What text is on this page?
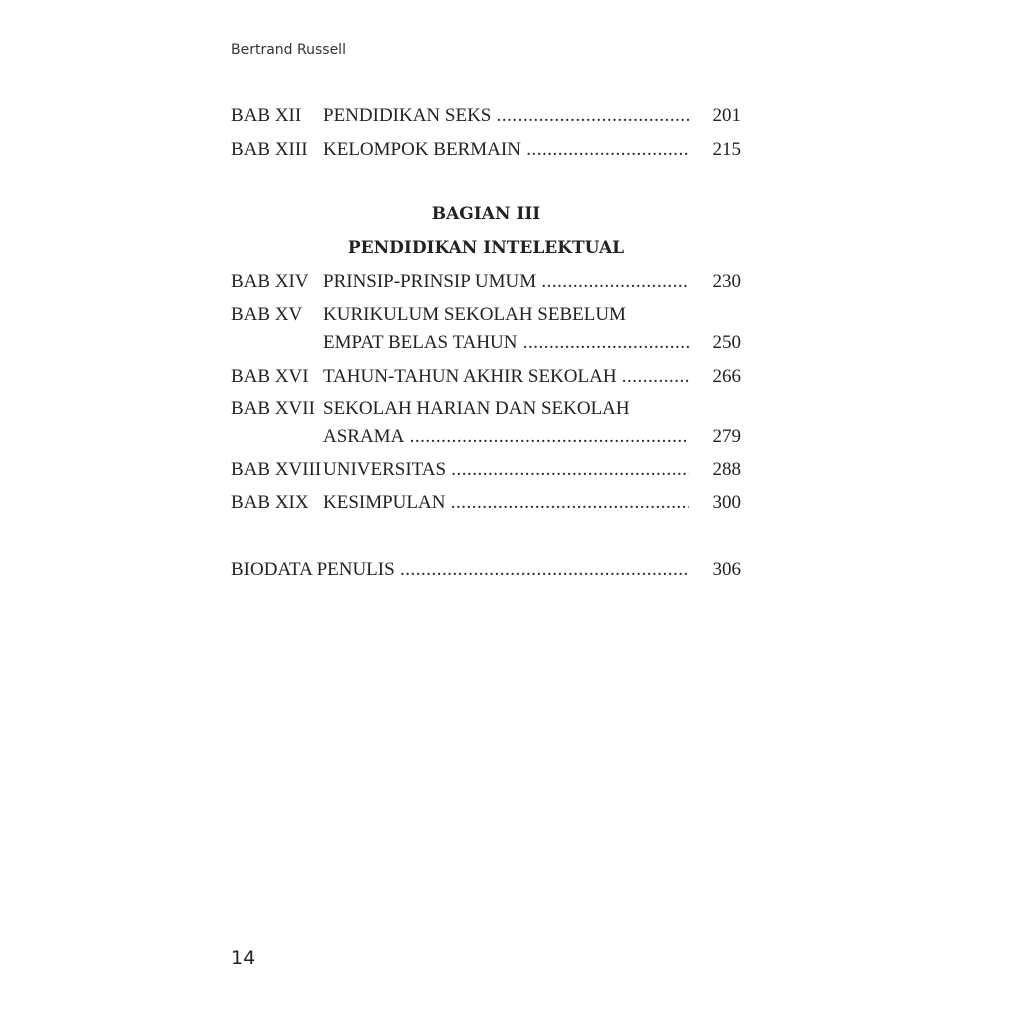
Bertrand Russell
BAB XII PENDIDIKAN SEKS .....	201
BAB XIII KELOMPOK BERMAIN .....	215
BAGIAN III
PENDIDIKAN INTELEKTUAL
BAB XIV PRINSIP-PRINSIP UMUM .....	230
BAB XV KURIKULUM SEKOLAH SEBELUM
EMPAT BELAS TAHUN .....	250
BAB XVI TAHUN-TAHUN AKHIR SEKOLAH .....	266
BAB XVII SEKOLAH HARIAN DAN SEKOLAH
ASRAMA .....	279
BAB XVIII UNIVERSITAS .....	288
BAB XIX KESIMPULAN .....	300
BIODATA PENULIS .....	306
14
